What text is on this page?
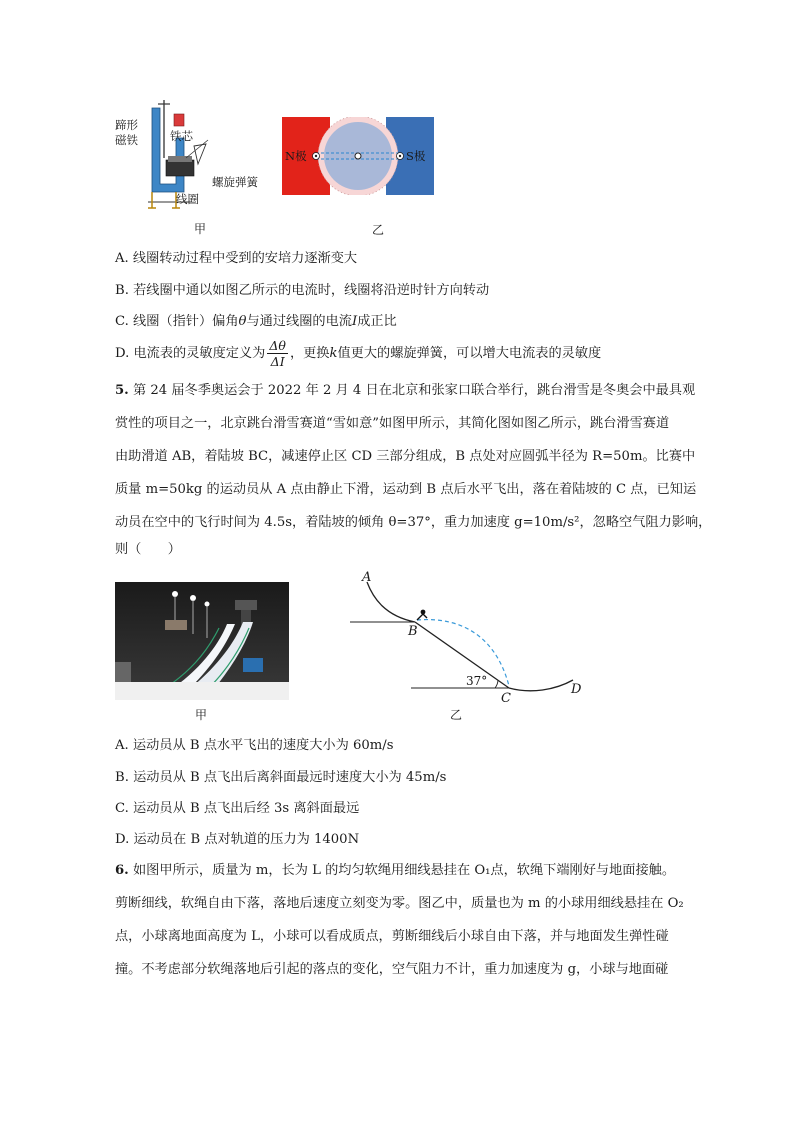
蹄形磁铁	铁芯
螺旋弹簧
线圈
甲
N极	S极
乙
A. 线圈转动过程中受到的安培力逐渐变大
B. 若线圈中通以如图乙所示的电流时，线圈将沿逆时针方向转动
C. 线圈（指针）偏角θ与通过线圈的电流I成正比
D. 电流表的灵敏度定义为 $\frac{\Delta\theta}{\Delta I}$ ，更换k值更大的螺旋弹簧，可以增大电流表的灵敏度
5. 第 24 届冬季奥运会于 2022 年 2 月 4 日在北京和张家口联合举行，跳台滑雪是冬奥会中最具观
赏性的项目之一，北京跳台滑雪赛道“雪如意”如图甲所示，其简化图如图乙所示，跳台滑雪赛道
由助滑道 AB，着陆坡 BC，减速停止区 CD 三部分组成，B 点处对应圆弧半径为 R=50m。比赛中
质量 m=50kg 的运动员从 A 点由静止下滑，运动到 B 点后水平飞出，落在着陆坡的 C 点，已知运
动员在空中的飞行时间为 4.5s，着陆坡的倾角 θ=37°，重力加速度 g=10m/s²，忽略空气阻力影响，
则（　　）
甲
A
B
C
D
37°
乙
A. 运动员从 B 点水平飞出的速度大小为 60m/s
B. 运动员从 B 点飞出后离斜面最远时速度大小为 45m/s
C. 运动员从 B 点飞出后经 3s 离斜面最远
D. 运动员在 B 点对轨道的压力为 1400N
6. 如图甲所示，质量为 m，长为 L 的均匀软绳用细线悬挂在 O₁点，软绳下端刚好与地面接触。
剪断细线，软绳自由下落，落地后速度立刻变为零。图乙中，质量也为 m 的小球用细线悬挂在 O₂
点，小球离地面高度为 L，小球可以看成质点，剪断细线后小球自由下落，并与地面发生弹性碰
撞。不考虑部分软绳落地后引起的落点的变化，空气阻力不计，重力加速度为 g，小球与地面碰
